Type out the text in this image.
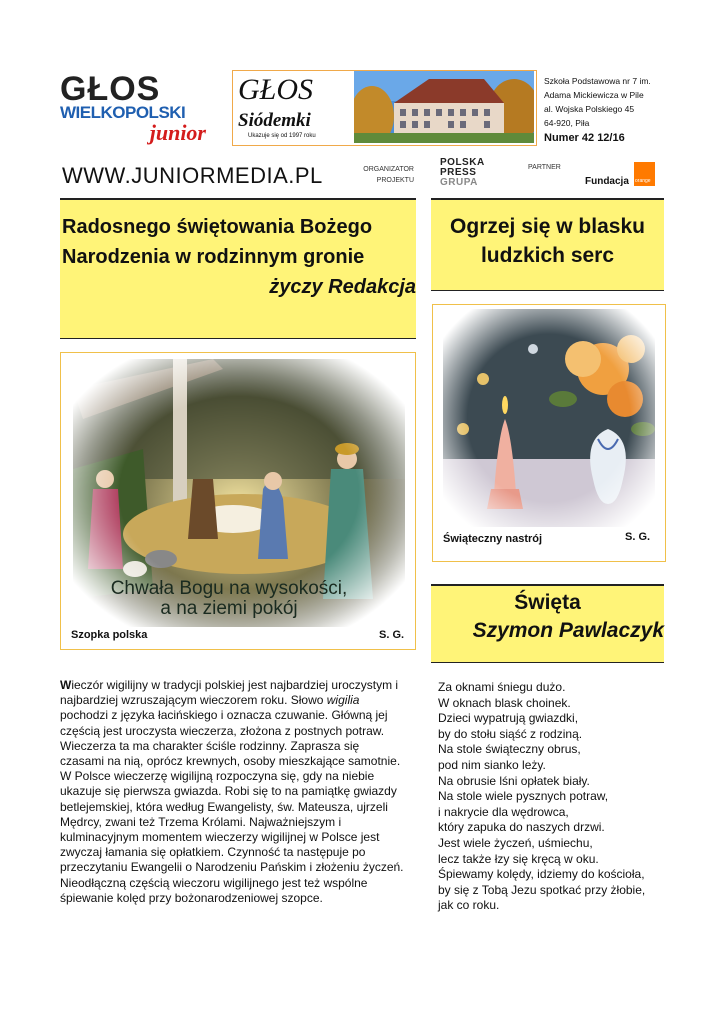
GŁOS
WIELKOPOLSKI
junior
GŁOS
Siódemki
Ukazuje się od 1997 roku
Szkoła Podstawowa nr 7 im.
Adama Mickiewicza w Pile
al. Wojska Polskiego 45
64-920, Piła
Numer 42 12/16
WWW.JUNIORMEDIA.PL	ORGANIZATOR
PROJEKTU
POLSKA
PRESS
GRUPA
PARTNER
Fundacja orange
Radosnego świętowania Bożego
Narodzenia w rodzinnym gronie
życzy Redakcja
Ogrzej się w blasku
ludzkich serc
Chwała Bogu na wysokości,
a na ziemi pokój
Szopka polska	S. G.
Świąteczny nastrój	S. G.
Święta
Szymon Pawlaczyk

Wieczór wigilijny w tradycji polskiej jest najbardziej uroczystym i najbardziej wzruszającym wieczorem roku. Słowo wigilia pochodzi z języka łacińskiego i oznacza czuwanie. Główną jej częścią jest uroczysta wieczerza, złożona z postnych potraw. Wieczerza ta ma charakter ściśle rodzinny. Zaprasza się czasami na nią, oprócz krewnych, osoby mieszkające samotnie. W Polsce wieczerzę wigilijną rozpoczyna się, gdy na niebie ukazuje się pierwsza gwiazda. Robi się to na pamiątkę gwiazdy betlejemskiej, która według Ewangelisty, św. Mateusza, ujrzeli Mędrcy, zwani też Trzema Królami. Najważniejszym i kulminacyjnym momentem wieczerzy wigilijnej w Polsce jest zwyczaj łamania się opłatkiem. Czynność ta następuje po przeczytaniu Ewangelii o Narodzeniu Pańskim i złożeniu życzeń. Nieodłączną częścią wieczoru wigilijnego jest też wspólne śpiewanie kolęd przy bożonarodzeniowej szopce.

Za oknami śniegu dużo.
W oknach blask choinek.
Dzieci wypatrują gwiazdki,
by do stołu siąść z rodziną.
Na stole świąteczny obrus,
pod nim sianko leży.
Na obrusie lśni opłatek biały.
Na stole wiele pysznych potraw,
i nakrycie dla wędrowca,
który zapuka do naszych drzwi.
Jest wiele życzeń, uśmiechu,
lecz także łzy się kręcą w oku.
Śpiewamy kolędy, idziemy do kościoła,
by się z Tobą Jezu spotkać przy żłobie,
jak co roku.
